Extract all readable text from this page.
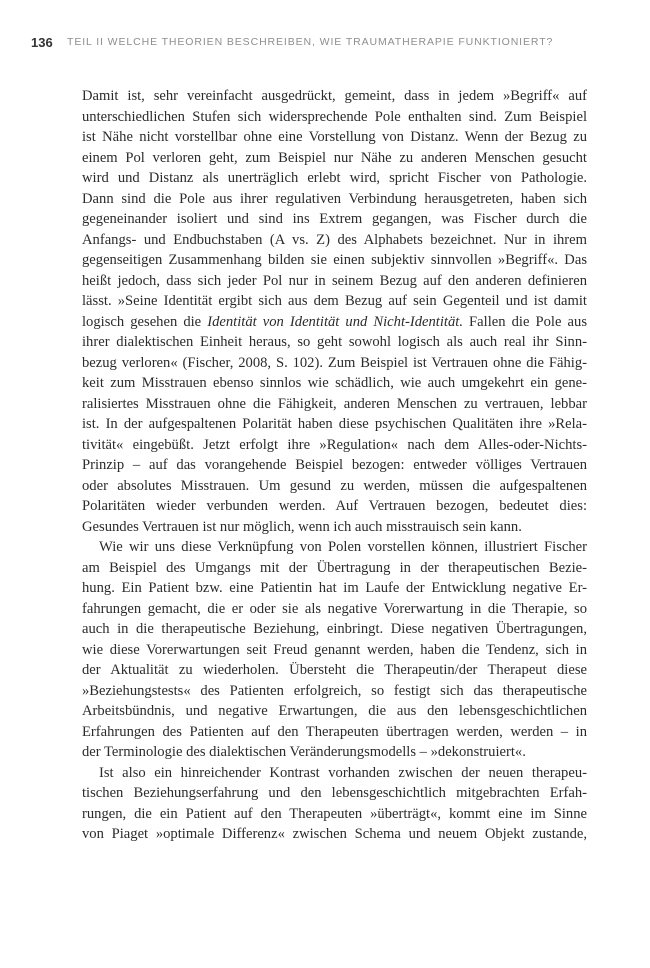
136 TEIL II WELCHE THEORIEN BESCHREIBEN, WIE TRAUMATHERAPIE FUNKTIONIERT?
Damit ist, sehr vereinfacht ausgedrückt, gemeint, dass in jedem »Begriff« auf
unterschiedlichen Stufen sich widersprechende Pole enthalten sind. Zum Beispiel
ist Nähe nicht vorstellbar ohne eine Vorstellung von Distanz. Wenn der Bezug zu
einem Pol verloren geht, zum Beispiel nur Nähe zu anderen Menschen gesucht
wird und Distanz als unerträglich erlebt wird, spricht Fischer von Pathologie.
Dann sind die Pole aus ihrer regulativen Verbindung herausgetreten, haben sich
gegeneinander isoliert und sind ins Extrem gegangen, was Fischer durch die
Anfangs- und Endbuchstaben (A vs. Z) des Alphabets bezeichnet. Nur in ihrem
gegenseitigen Zusammenhang bilden sie einen subjektiv sinnvollen »Begriff«. Das
heißt jedoch, dass sich jeder Pol nur in seinem Bezug auf den anderen definieren
lässt. »Seine Identität ergibt sich aus dem Bezug auf sein Gegenteil und ist damit
logisch gesehen die Identität von Identität und Nicht-Identität. Fallen die Pole aus
ihrer dialektischen Einheit heraus, so geht sowohl logisch als auch real ihr Sinn-
bezug verloren« (Fischer, 2008, S. 102). Zum Beispiel ist Vertrauen ohne die Fähig-
keit zum Misstrauen ebenso sinnlos wie schädlich, wie auch umgekehrt ein gene-
ralisiertes Misstrauen ohne die Fähigkeit, anderen Menschen zu vertrauen, lebbar
ist. In der aufgespaltenen Polarität haben diese psychischen Qualitäten ihre »Rela-
tivität« eingebüßt. Jetzt erfolgt ihre »Regulation« nach dem Alles-oder-Nichts-
Prinzip – auf das vorangehende Beispiel bezogen: entweder völliges Vertrauen
oder absolutes Misstrauen. Um gesund zu werden, müssen die aufgespaltenen
Polaritäten wieder verbunden werden. Auf Vertrauen bezogen, bedeutet dies:
Gesundes Vertrauen ist nur möglich, wenn ich auch misstrauisch sein kann.
Wie wir uns diese Verknüpfung von Polen vorstellen können, illustriert Fischer
am Beispiel des Umgangs mit der Übertragung in der therapeutischen Bezie-
hung. Ein Patient bzw. eine Patientin hat im Laufe der Entwicklung negative Er-
fahrungen gemacht, die er oder sie als negative Vorerwartung in die Therapie, so
auch in die therapeutische Beziehung, einbringt. Diese negativen Übertragungen,
wie diese Vorerwartungen seit Freud genannt werden, haben die Tendenz, sich in
der Aktualität zu wiederholen. Übersteht die Therapeutin/der Therapeut diese
»Beziehungstests« des Patienten erfolgreich, so festigt sich das therapeutische
Arbeitsbündnis, und negative Erwartungen, die aus den lebensgeschichtlichen
Erfahrungen des Patienten auf den Therapeuten übertragen werden, werden – in
der Terminologie des dialektischen Veränderungsmodells – »dekonstruiert«.
Ist also ein hinreichender Kontrast vorhanden zwischen der neuen therapeu-
tischen Beziehungserfahrung und den lebensgeschichtlich mitgebrachten Erfah-
rungen, die ein Patient auf den Therapeuten »überträgt«, kommt eine im Sinne
von Piaget »optimale Differenz« zwischen Schema und neuem Objekt zustande,
